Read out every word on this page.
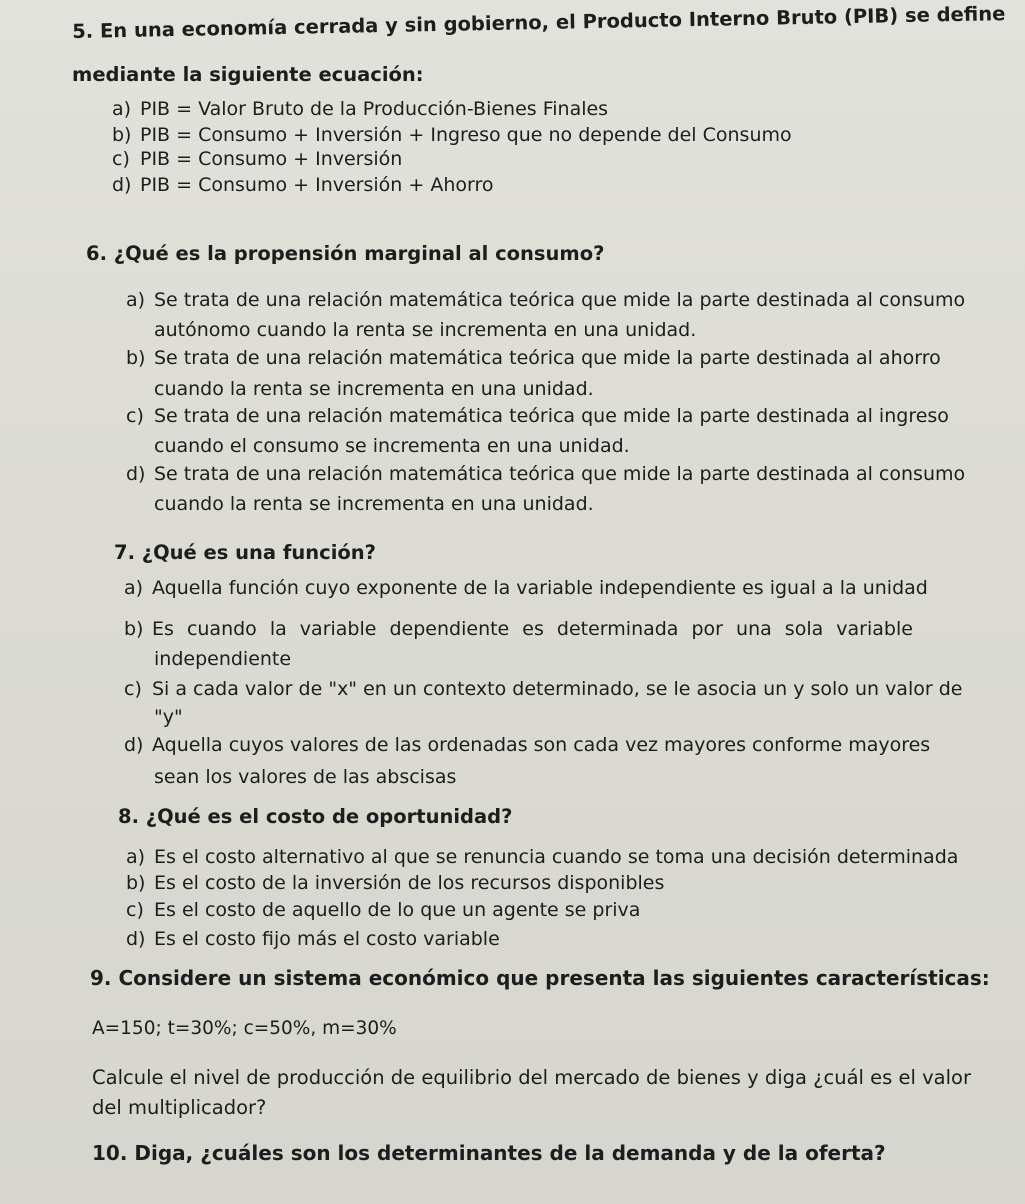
5. En una economía cerrada y sin gobierno, el Producto Interno Bruto (PIB) se define
mediante la siguiente ecuación:
a) PIB = Valor Bruto de la Producción-Bienes Finales
b) PIB = Consumo + Inversión + Ingreso que no depende del Consumo
c) PIB = Consumo + Inversión
d) PIB = Consumo + Inversión + Ahorro
6. ¿Qué es la propensión marginal al consumo?
a) Se trata de una relación matemática teórica que mide la parte destinada al consumo
autónomo cuando la renta se incrementa en una unidad.
b) Se trata de una relación matemática teórica que mide la parte destinada al ahorro
cuando la renta se incrementa en una unidad.
c) Se trata de una relación matemática teórica que mide la parte destinada al ingreso
cuando el consumo se incrementa en una unidad.
d) Se trata de una relación matemática teórica que mide la parte destinada al consumo
cuando la renta se incrementa en una unidad.
7. ¿Qué es una función?
a) Aquella función cuyo exponente de la variable independiente es igual a la unidad
b) Es cuando la variable dependiente es determinada por una sola variable
independiente
c) Si a cada valor de "x" en un contexto determinado, se le asocia un y solo un valor de
"y"
d) Aquella cuyos valores de las ordenadas son cada vez mayores conforme mayores
sean los valores de las abscisas
8. ¿Qué es el costo de oportunidad?
a) Es el costo alternativo al que se renuncia cuando se toma una decisión determinada
b) Es el costo de la inversión de los recursos disponibles
c) Es el costo de aquello de lo que un agente se priva
d) Es el costo fijo más el costo variable
9. Considere un sistema económico que presenta las siguientes características:
A=150; t=30%; c=50%, m=30%
Calcule el nivel de producción de equilibrio del mercado de bienes y diga ¿cuál es el valor
del multiplicador?
10. Diga, ¿cuáles son los determinantes de la demanda y de la oferta?
